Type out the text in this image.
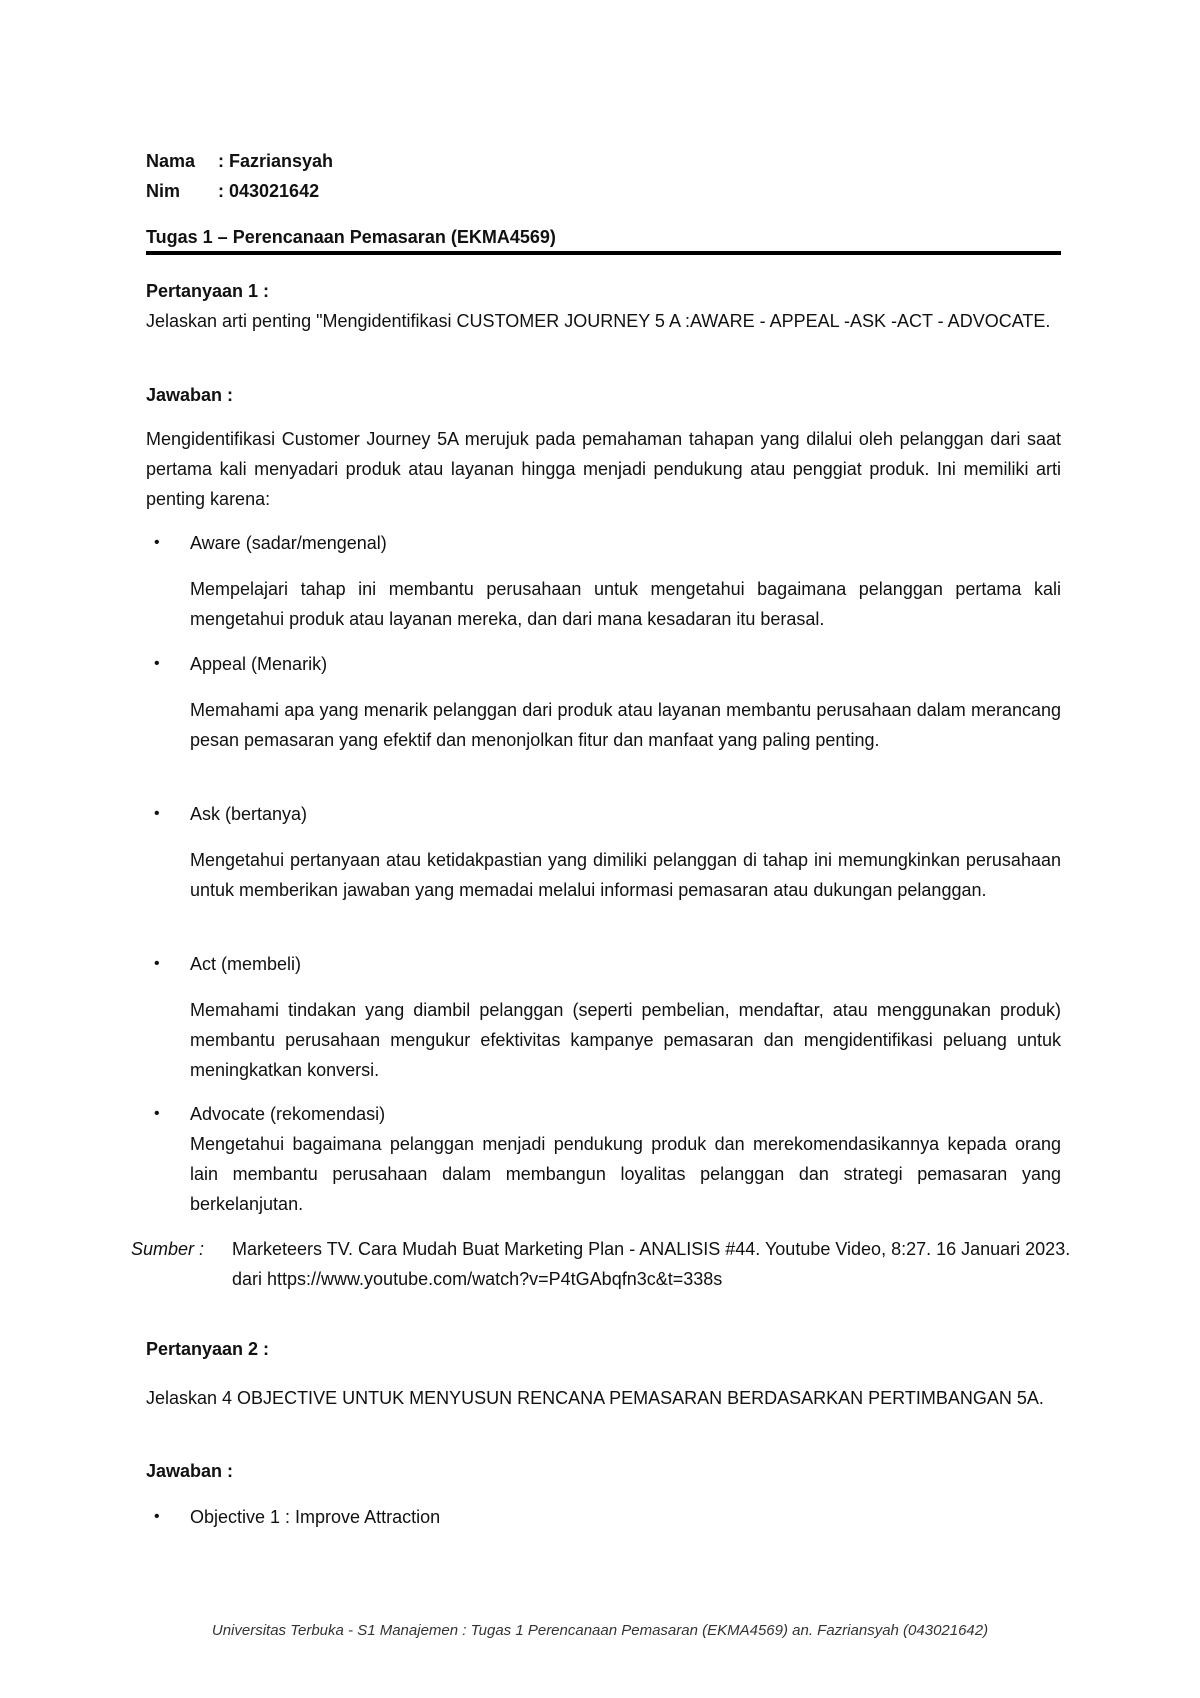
Nama : Fazriansyah
Nim : 043021642
Tugas 1 – Perencanaan Pemasaran (EKMA4569)
Pertanyaan 1 :
Jelaskan arti penting "Mengidentifikasi CUSTOMER JOURNEY 5 A :AWARE - APPEAL -ASK -ACT - ADVOCATE.
Jawaban :
Mengidentifikasi Customer Journey 5A merujuk pada pemahaman tahapan yang dilalui oleh pelanggan dari saat pertama kali menyadari produk atau layanan hingga menjadi pendukung atau penggiat produk. Ini memiliki arti penting karena:
• Aware (sadar/mengenal)
Mempelajari tahap ini membantu perusahaan untuk mengetahui bagaimana pelanggan pertama kali mengetahui produk atau layanan mereka, dan dari mana kesadaran itu berasal.
• Appeal (Menarik)
Memahami apa yang menarik pelanggan dari produk atau layanan membantu perusahaan dalam merancang pesan pemasaran yang efektif dan menonjolkan fitur dan manfaat yang paling penting.
• Ask (bertanya)
Mengetahui pertanyaan atau ketidakpastian yang dimiliki pelanggan di tahap ini memungkinkan perusahaan untuk memberikan jawaban yang memadai melalui informasi pemasaran atau dukungan pelanggan.
• Act (membeli)
Memahami tindakan yang diambil pelanggan (seperti pembelian, mendaftar, atau menggunakan produk) membantu perusahaan mengukur efektivitas kampanye pemasaran dan mengidentifikasi peluang untuk meningkatkan konversi.
• Advocate (rekomendasi)
Mengetahui bagaimana pelanggan menjadi pendukung produk dan merekomendasikannya kepada orang lain membantu perusahaan dalam membangun loyalitas pelanggan dan strategi pemasaran yang berkelanjutan.
Sumber : Marketeers TV. Cara Mudah Buat Marketing Plan - ANALISIS #44. Youtube Video, 8:27. 16 Januari 2023. dari https://www.youtube.com/watch?v=P4tGAbqfn3c&t=338s
Pertanyaan 2 :
Jelaskan 4 OBJECTIVE UNTUK MENYUSUN RENCANA PEMASARAN BERDASARKAN PERTIMBANGAN 5A.
Jawaban :
• Objective 1 : Improve Attraction
Universitas Terbuka - S1 Manajemen : Tugas 1 Perencanaan Pemasaran (EKMA4569) an. Fazriansyah (043021642)
